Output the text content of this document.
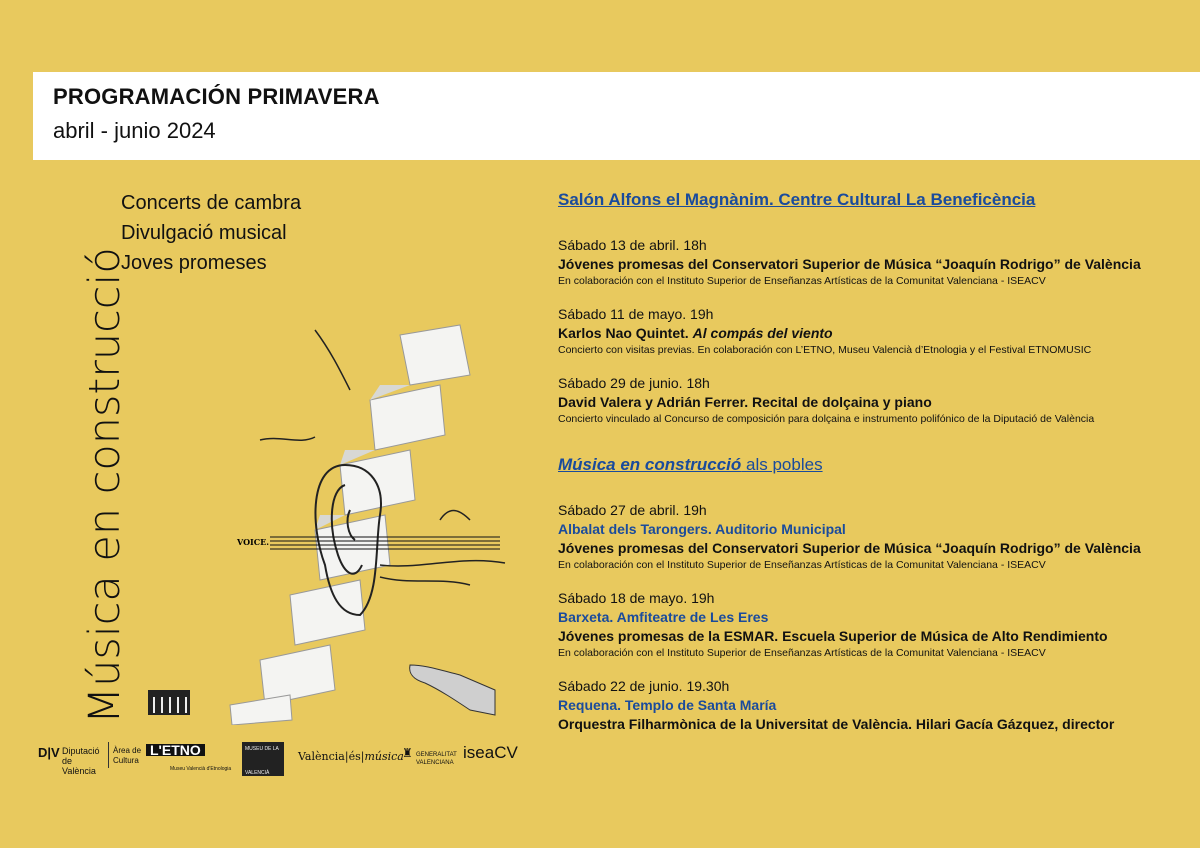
PROGRAMACIÓN PRIMAVERA
abril - junio 2024
Música en construcció
Concerts de cambra
Divulgació musical
Joves promeses
VOICE.
D|V Diputació
de València
Àrea de
Cultura
L'ETNO
Museu Valencià d'Etnologia
MUSEU DE LA
VALENCIÀ
València|és|música
♜ GENERALITAT
VALENCIANA
iseaCV
Salón Alfons el Magnànim. Centre Cultural La Beneficència
Sábado 13 de abril. 18h
Jóvenes promesas del Conservatori Superior de Música “Joaquín Rodrigo” de València
En colaboración con el Instituto Superior de Enseñanzas Artísticas de la Comunitat Valenciana - ISEACV
Sábado 11 de mayo. 19h
Karlos Nao Quintet. Al compás del viento
Concierto con visitas previas. En colaboración con L’ETNO, Museu Valencià d’Etnologia y el Festival ETNOMUSIC
Sábado 29 de junio. 18h
David Valera y Adrián Ferrer. Recital de dolçaina y piano
Concierto vinculado al Concurso de composición para dolçaina e instrumento polifónico de la Diputació de València
Música en construcció als pobles
Sábado 27 de abril. 19h
Albalat dels Tarongers. Auditorio Municipal
Jóvenes promesas del Conservatori Superior de Música “Joaquín Rodrigo” de València
En colaboración con el Instituto Superior de Enseñanzas Artísticas de la Comunitat Valenciana - ISEACV
Sábado 18 de mayo. 19h
Barxeta. Amfiteatre de Les Eres
Jóvenes promesas de la ESMAR. Escuela Superior de Música de Alto Rendimiento
En colaboración con el Instituto Superior de Enseñanzas Artísticas de la Comunitat Valenciana - ISEACV
Sábado 22 de junio. 19.30h
Requena. Templo de Santa María
Orquestra Filharmònica de la Universitat de València. Hilari Gacía Gázquez, director
